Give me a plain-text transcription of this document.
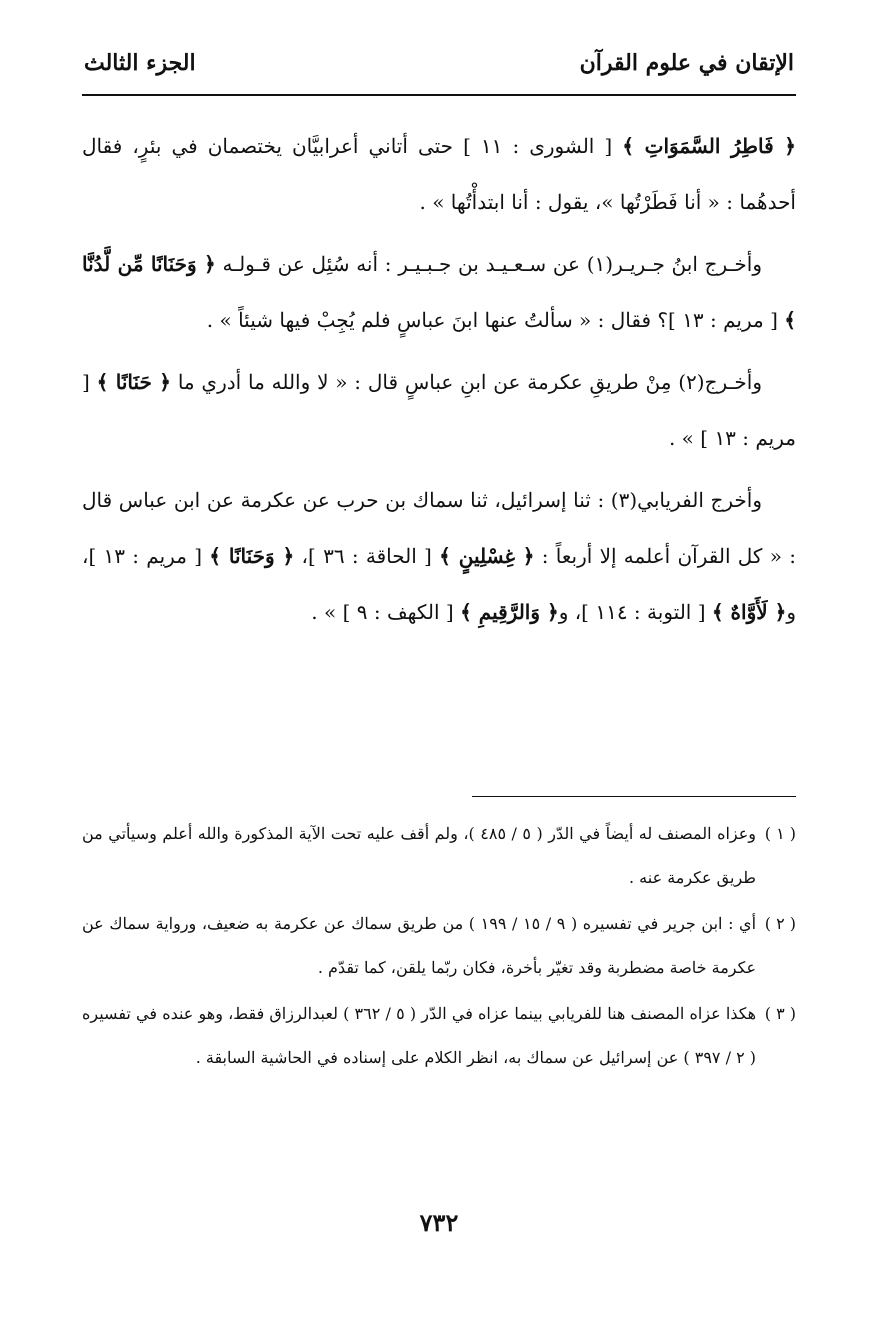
الإتقان في علوم القرآن
الجزء الثالث

﴿ فَاطِرُ السَّمَوَاتِ ﴾ [ الشورى : ١١ ] حتى أتاني أعرابيَّان يختصمان في بئرٍ، فقال أحدهُما : « أنا فَطَرْتُها »، يقول : أنا ابتدأْتُها » .

وأخـرج ابنُ جـريـر(١) عن سـعـيـد بن جـبـيـر : أنه سُئِل عن قـولـه ﴿ وَحَنَانًا مِّن لَّدُنَّا ﴾ [ مريم : ١٣ ]؟ فقال : « سألتُ عنها ابنَ عباسٍ فلم يُجِبْ فيها شيئاً » .

وأخـرج(٢) مِنْ طريقِ عكرمة عن ابنِ عباسٍ قال : « لا والله ما أدري ما ﴿ حَنَانًا ﴾ [ مريم : ١٣ ] » .

وأخرج الفريابي(٣) : ثنا إسرائيل، ثنا سماك بن حرب عن عكرمة عن ابن عباس قال : « كل القرآن أعلمه إلا أربعاً : ﴿ غِسْلِينٍ ﴾ [ الحاقة : ٣٦ ]، ﴿ وَحَنَانًا ﴾ [ مريم : ١٣ ]، و﴿ لَأَوَّاهٌ ﴾ [ التوبة : ١١٤ ]، و﴿ وَالرَّقِيمِ ﴾ [ الكهف : ٩ ] » .

( ١ )وعزاه المصنف له أيضاً في الدّر ( ٥ / ٤٨٥ )، ولم أقف عليه تحت الآية المذكورة والله أعلم وسيأتي من طريق عكرمة عنه .

( ٢ )أي : ابن جرير في تفسيره ( ٩ / ١٥ / ١٩٩ ) من طريق سماك عن عكرمة به ضعيف، ورواية سماك عن عكرمة خاصة مضطربة وقد تغيّر بأخرة، فكان ربّما يلقن، كما تقدّم .

( ٣ )هكذا عزاه المصنف هنا للفريابي بينما عزاه في الدّر ( ٥ / ٣٦٢ ) لعبدالرزاق فقط، وهو عنده في تفسيره ( ٢ / ٣٩٧ ) عن إسرائيل عن سماك به، انظر الكلام على إسناده في الحاشية السابقة .

٧٣٢
